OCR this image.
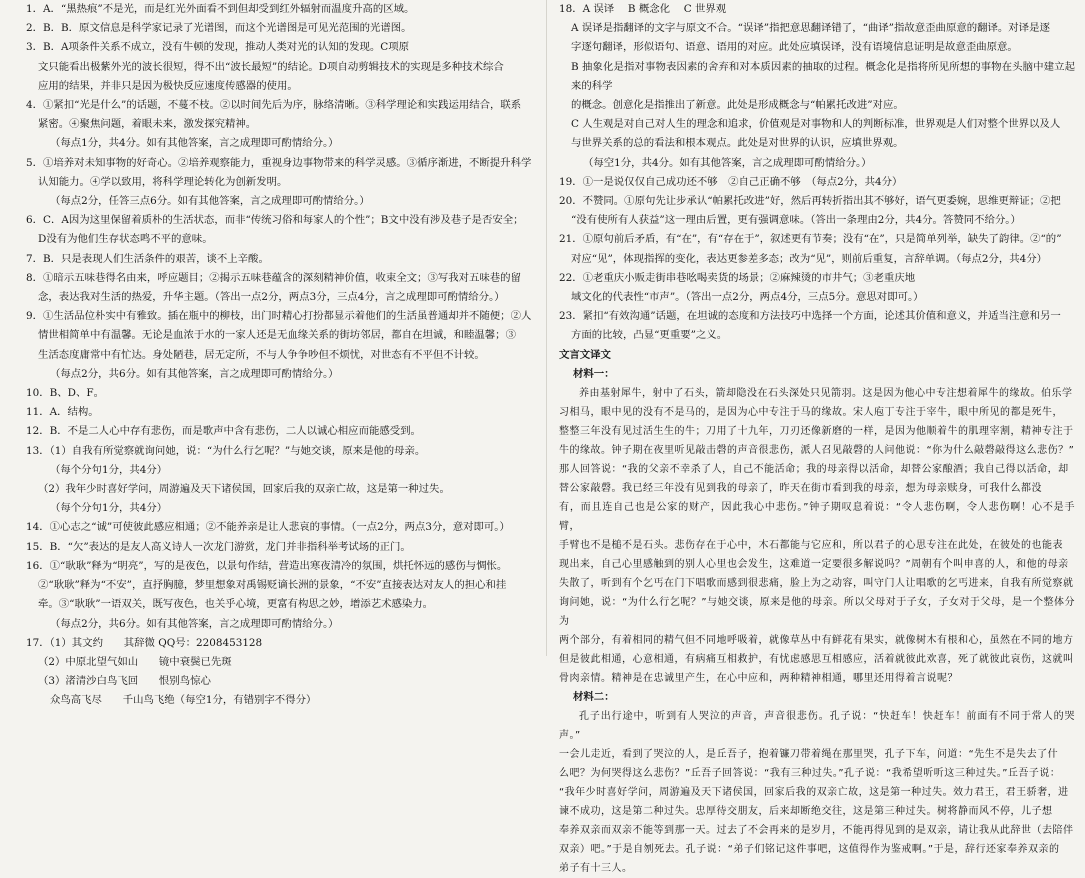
1．A．“黑热痕”不是光，而是红光外面看不到但却受到红外辐射而温度升高的区域。

2．B．B．原文信息是科学家记录了光谱图，而这个光谱图是可见光范围的光谱图。

3．B．A项条件关系不成立，没有牛顿的发现，推动人类对光的认知的发现。C项原

文只能看出极紫外光的波长很短，得不出“波长最短”的结论。D项自动剪辑技术的实现是多种技术综合

应用的结果，并非只是因为极快反应速度传感器的使用。

4．①紧扣“光是什么”的话题，不蔓不枝。②以时间先后为序，脉络清晰。③科学理论和实践运用结合，联系

紧密。④聚焦问题，着眼未来，激发探究精神。

（每点1分，共4分。如有其他答案，言之成理即可酌情给分。）

5．①培养对未知事物的好奇心。②培养观察能力，重视身边事物带来的科学灵感。③循序渐进，不断提升科学

认知能力。④学以致用，将科学理论转化为创新发明。

（每点2分，任答三点6分。如有其他答案，言之成理即可酌情给分。）

6．C．A因为这里保留着质朴的生活状态，而非“传统习俗和每家人的个性”；B文中没有涉及巷子是否安全；

D没有为他们生存状态鸣不平的意味。

7．B．只是表现人们生活条件的艰苦，谈不上辛酸。

8．①暗示五味巷得名由来，呼应题目；②揭示五味巷蕴含的深刻精神价值，收束全文；③写我对五味巷的留

念，表达我对生活的热爱，升华主题。（答出一点2分，两点3分，三点4分，言之成理即可酌情给分。）

9．①生活品位朴实中有雅致。插在瓶中的柳枝，出门时精心打扮都显示着他们的生活虽普通却并不随便；②人

情世相简单中有温馨。无论是血浓于水的一家人还是无血缘关系的街坊邻居，都自在坦诚，和睦温馨；③

生活态度庸常中有忙达。身处陋巷，居无定所，不与人争争吵但不烦忧，对世态有不平但不计较。

（每点2分，共6分。如有其他答案，言之成理即可酌情给分。）

10．B、D、F。

11．A．结构。

12．B．不是二人心中存有悲伤，而是歌声中含有悲伤，二人以诚心相应而能感受到。

13．（1）自我有所觉察就询问她，说：“为什么行乞呢？”与她交谈，原来是他的母亲。

（每个分句1分，共4分）

（2）我年少时喜好学问，周游遍及天下诸侯国，回家后我的双亲亡故，这是第一种过失。

（每个分句1分，共4分）

14．①心志之“诚”可使彼此感应相通；②不能养亲是让人悲哀的事情。（一点2分，两点3分，意对即可。）

15．B．“欠”表达的是友人高义诗人一次龙门游赏，龙门并非指科举考试场的正门。

16．①“耿耿”释为“明亮”，写的是夜色，以景句作结，营造出寒夜清冷的氛围，烘托怀远的感伤与惆怅。

②“耿耿”释为“不安”，直抒胸臆，梦里想象对禹锡贬谪长洲的景象，“不安”直接表达对友人的担心和挂

牵。③“耿耿”一语双关，既写夜色，也关乎心境，更富有构思之妙，增添艺术感染力。

（每点2分，共6分。如有其他答案，言之成理即可酌情给分。）

17．（1）其文约　　其辞微 QQ号：2208453128

（2）中原北望气如山　　镜中衰鬓已先斑

（3）渚清沙白鸟飞回　　恨别鸟惊心

众鸟高飞尽　　千山鸟飞绝（每空1分，有错别字不得分）

18．A 误译　 B 概念化　 C 世界观

A 误译是指翻译的文字与原文不合。“误译”指把意思翻译错了，“曲译”指故意歪曲原意的翻译。对译是逐

字逐句翻译，形似语句、语意、语用的对应。此处应填误译，没有语境信息证明是故意歪曲原意。

B 抽象化是指对事物表因素的舍弃和对本质因素的抽取的过程。概念化是指将所见所想的事物在头脑中建立起来的科学

的概念。创意化是指推出了新意。此处是形成概念与“帕累托改进”对应。

C 人生观是对自己对人生的理念和追求，价值观是对事物和人的判断标准，世界观是人们对整个世界以及人

与世界关系的总的看法和根本观点。此处是对世界的认识，应填世界观。

（每空1分，共4分。如有其他答案，言之成理即可酌情给分。）

19．①一是说仅仅自己成功还不够　②自己正确不够　（每点2分，共4分）

20．不赞同。①原句先让步承认“帕累托改进”好，然后再转折指出其不够好，语气更委婉，思维更辩证；②把

“没有使所有人获益”这一理由后置，更有强调意味。（答出一条理由2分，共4分。答赞同不给分。）

21．①原句前后矛盾，有“在”，有“存在于”，叙述更有节奏；没有“在”，只是简单列举，缺失了韵律。②“的”

对应“见”，体现指挥的变化，表达更参差多态；改为“见”，则前后重复，言辞单调。（每点2分，共4分）

22．①老重庆小贩走街串巷吆喝卖货的场景；②麻辣烫的市井气；③老重庆地

域文化的代表性“市声”。（答出一点2分，两点4分，三点5分。意思对即可。）

23．紧扣“有效沟通”话题，在坦诚的态度和方法技巧中选择一个方面，论述其价值和意义，并适当注意和另一

方面的比较，凸显“更重要”之义。

文言文译文

材料一：

养由基射犀牛，射中了石头，箭却隐没在石头深处只见箭羽。这是因为他心中专注想着犀牛的缘故。伯乐学

习相马，眼中见的没有不是马的，是因为心中专注于马的缘故。宋人庖丁专注于宰牛，眼中所见的都是死牛，

整整三年没有见过活生生的牛；刀用了十九年，刀刃还像新磨的一样，是因为他顺着牛的肌理宰割，精神专注于

牛的缘故。钟子期在夜里听见敲击磬的声音很悲伤，派人召见敲磬的人问他说：“你为什么敲磬敲得这么悲伤？”

那人回答说：“我的父亲不幸杀了人，自己不能活命；我的母亲得以活命，却替公家酿酒；我自己得以活命，却

替公家敲磬。我已经三年没有见到我的母亲了，昨天在街市看到我的母亲，想为母亲赎身，可我什么都没

有，而且连自己也是公家的财产，因此我心中悲伤。”钟子期叹息着说：“令人悲伤啊，令人悲伤啊！心不是手臂，

手臂也不是槌不是石头。悲伤存在于心中，木石都能与它应和，所以君子的心思专注在此处，在彼处的也能表

现出来，自己心里感触到的别人心里也会发生，这难道一定要很多解说吗？”周朝有个叫申喜的人，和他的母亲

失散了，听到有个乞丐在门下唱歌而感到很悲痛，脸上为之动容，叫守门人让唱歌的乞丐进来，自我有所觉察就

询问她，说：“为什么行乞呢？”与她交谈，原来是他的母亲。所以父母对于子女，子女对于父母，是一个整体分为

两个部分，有着相同的精气但不同地呼吸着，就像草丛中有鲜花有果实，就像树木有根和心，虽然在不同的地方

但是彼此相通，心意相通，有病痛互相救护，有忧虑感思互相感应，活着就彼此欢喜，死了就彼此哀伤，这就叫

骨肉亲情。精神是在忠诚里产生，在心中应和，两种精神相通，哪里还用得着言说呢？

材料二：

孔子出行途中，听到有人哭泣的声音，声音很悲伤。孔子说：“快赶车！快赶车！前面有不同于常人的哭声。”

一会儿走近，看到了哭泣的人，是丘吾子，抱着镰刀带着绳在那里哭，孔子下车，问道：“先生不是失去了什

么吧？为何哭得这么悲伤？”丘吾子回答说：“我有三种过失。”孔子说：“我希望听听这三种过失。”丘吾子说：

“我年少时喜好学问，周游遍及天下诸侯国，回家后我的双亲亡故，这是第一种过失。效力君王，君王骄奢，进

谏不成功，这是第二种过失。忠厚待交朋友，后来却断绝交往，这是第三种过失。树将静而风不停，儿子想

奉养双亲而双亲不能等到那一天。过去了不会再来的是岁月，不能再得见到的是双亲，请让我从此辞世（去陪伴

双亲）吧。”于是自刎死去。孔子说：“弟子们铭记这件事吧，这值得作为鉴戒啊。”于是，辞行还家奉养双亲的

弟子有十三人。
